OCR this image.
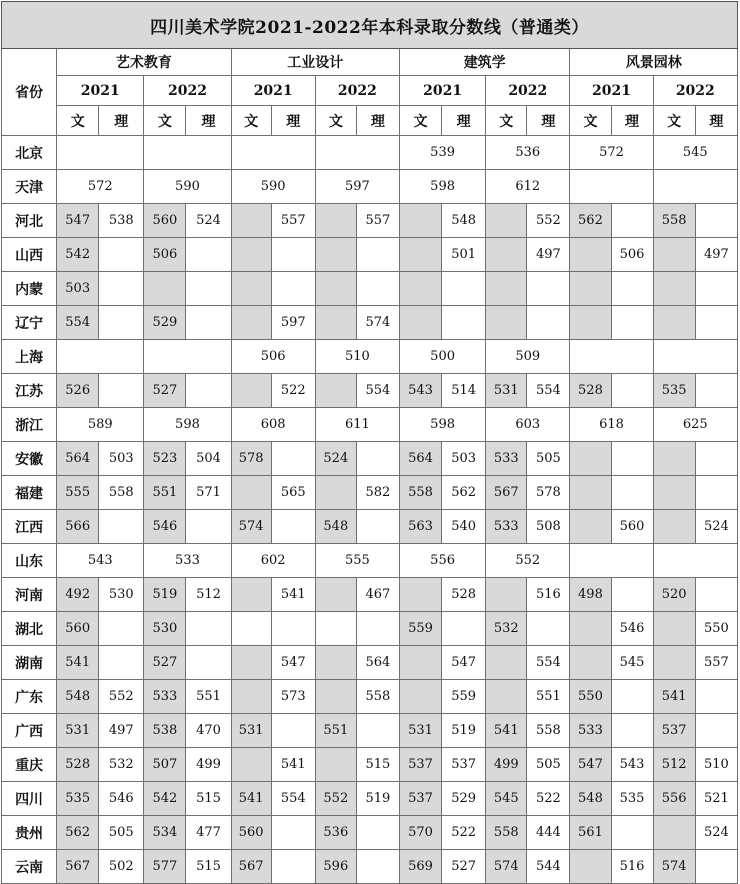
四川美术学院2021-2022年本科录取分数线（普通类）																
省份	艺术教育				工业设计				建筑学				风景园林			
	2021		2022		2021		2022		2021		2022		2021		2022	
	文	理	文	理	文	理	文	理	文	理	文	理	文	理	文	理
北京									539		536		572		545	
天津	572		590		590		597		598		612					
河北	547	538	560	524		557		557		548		552	562		558	
山西	542		506							501		497		506		497
内蒙	503															
辽宁	554		529			597		574								
上海					506		510		500		509					
江苏	526		527			522		554	543	514	531	554	528		535	
浙江	589		598		608		611		598		603		618		625	
安徽	564	503	523	504	578		524		564	503	533	505				
福建	555	558	551	571		565		582	558	562	567	578				
江西	566		546		574		548		563	540	533	508		560		524
山东	543		533		602		555		556		552					
河南	492	530	519	512		541		467		528		516	498		520	
湖北	560		530						559		532			546		550
湖南	541		527			547		564		547		554		545		557
广东	548	552	533	551		573		558		559		551	550		541	
广西	531	497	538	470	531		551		531	519	541	558	533		537	
重庆	528	532	507	499		541		515	537	537	499	505	547	543	512	510
四川	535	546	542	515	541	554	552	519	537	529	545	522	548	535	556	521
贵州	562	505	534	477	560		536		570	522	558	444	561			524
云南	567	502	577	515	567		596		569	527	574	544		516	574	
